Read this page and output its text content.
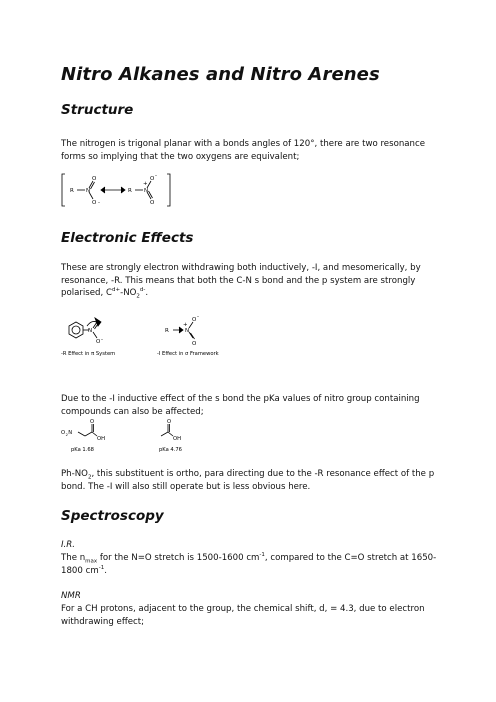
Nitro Alkanes and Nitro Arenes
Structure
The nitrogen is trigonal planar with a bonds angles of 120°, there are two resonance forms so implying that the two oxygens are equivalent;
R N
O
O -
R N
+
O -
O
Electronic Effects
These are strongly electron withdrawing both inductively, -I, and mesomerically, by resonance, -R. This means that both the C-N s bond and the p system are strongly polarised, $C^{d+}-NO_2^{d-}$.
N
O -
R	N
+
O -
O
-R Effect in π System	-I Effect in σ Framework
Due to the -I inductive effect of the s bond the pKa values of nitro group containing compounds can also be affected;
O 2 N
O
OH
O
OH
pKa 1.68	pKa 4.76
$Ph-NO_2$, this substituent is ortho, para directing due to the -R resonance effect of the p bond. The -I will also still operate but is less obvious here.
Spectroscopy
I.R.
The $n_{max}$ for the N=O stretch is 1500-1600 $cm^{-1}$, compared to the C=O stretch at 1650-1800 $cm^{-1}$.
NMR
For a CH protons, adjacent to the group, the chemical shift, d, = 4.3, due to electron withdrawing effect;
